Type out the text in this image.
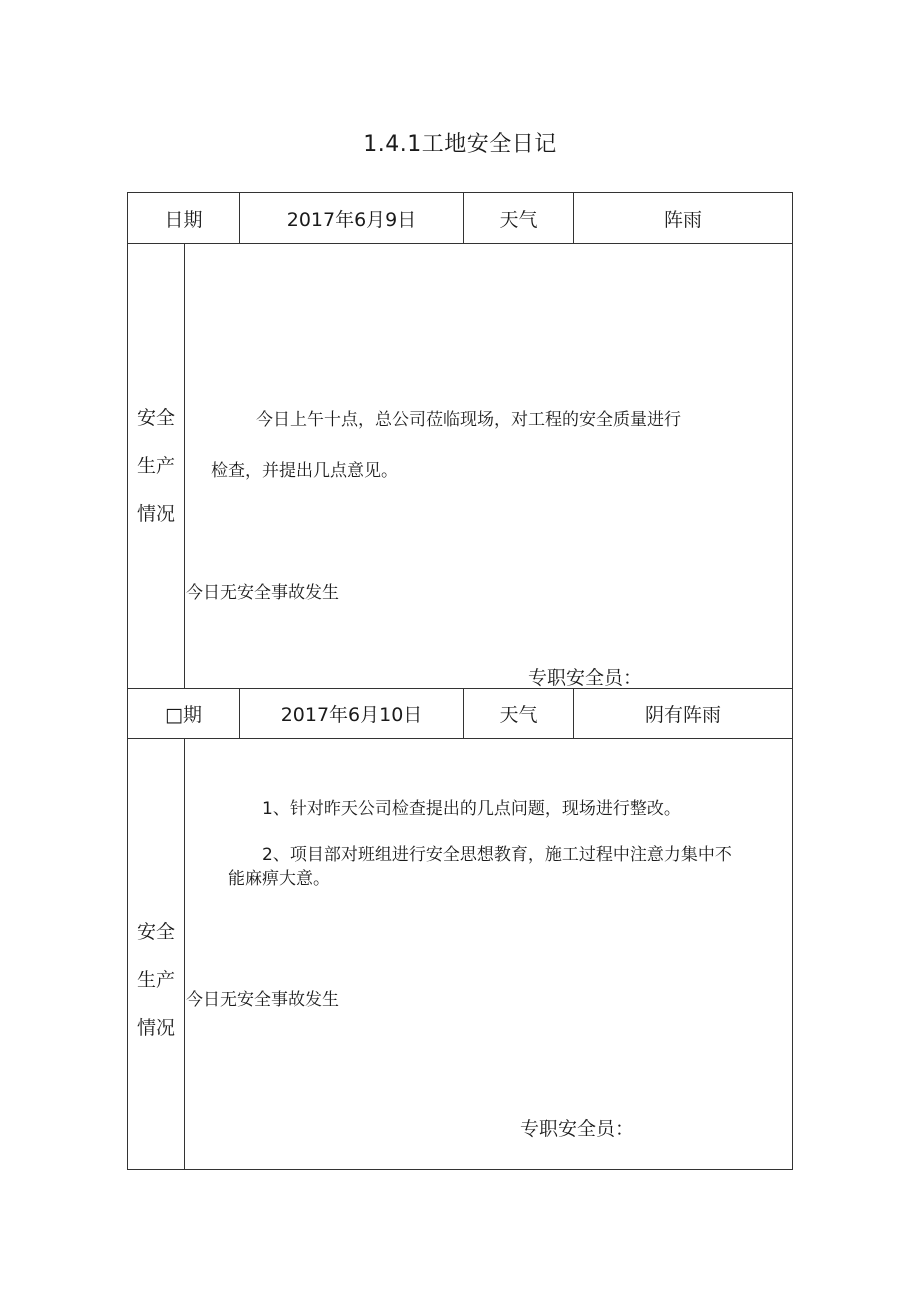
1.4.1工地安全日记
日期	2017年6月9日	天气	阵雨
安全
生产
情况
今日上午十点，总公司莅临现场，对工程的安全质量进行
检查，并提出几点意见。
今日无安全事故发生
专职安全员：
□期	2017年6月10日	天气	阴有阵雨
安全
生产
情况
1、针对昨天公司检查提出的几点问题，现场进行整改。
2、项目部对班组进行安全思想教育，施工过程中注意力集中不
能麻痹大意。
今日无安全事故发生
专职安全员：
